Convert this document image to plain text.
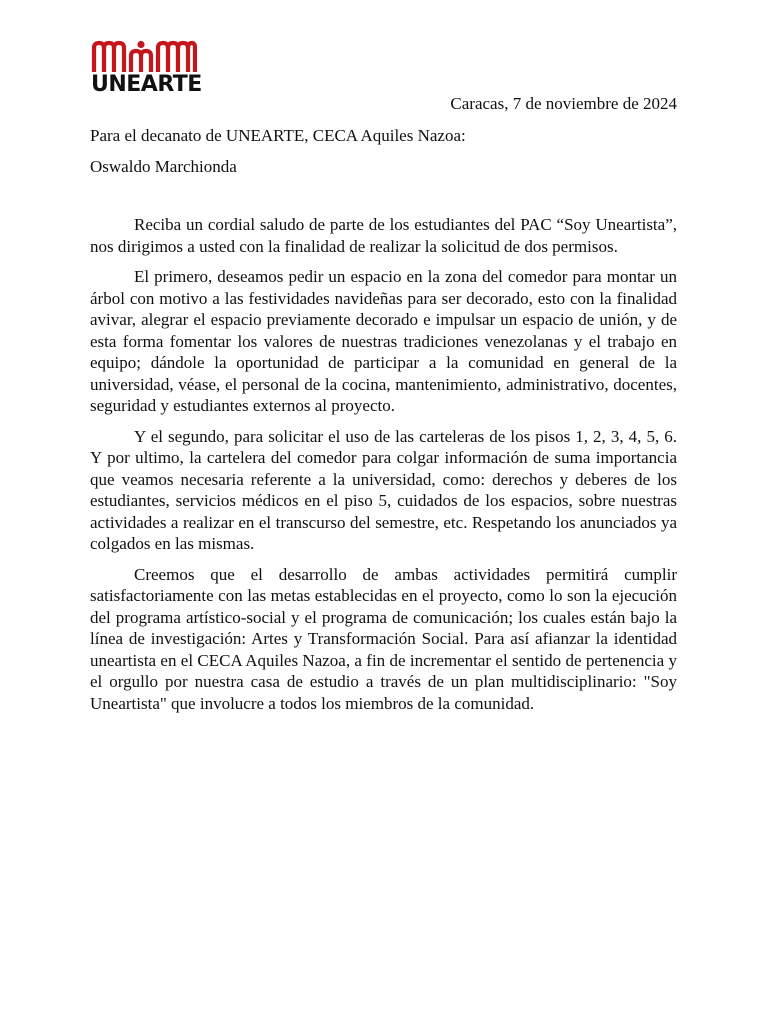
UNEARTE
Caracas, 7 de noviembre de 2024
Para el decanato de UNEARTE, CECA Aquiles Nazoa:
Oswaldo Marchionda

Reciba un cordial saludo de parte de los estudiantes del PAC “Soy Uneartista”, nos dirigimos a usted con la finalidad de realizar la solicitud de dos permisos.

El primero, deseamos pedir un espacio en la zona del comedor para montar un árbol con motivo a las festividades navideñas para ser decorado, esto con la finalidad avivar, alegrar el espacio previamente decorado e impulsar un espacio de unión, y de esta forma fomentar los valores de nuestras tradiciones venezolanas y el trabajo en equipo; dándole la oportunidad de participar a la comunidad en general de la universidad, véase, el personal de la cocina, mantenimiento, administrativo, docentes, seguridad y estudiantes externos al proyecto.

Y el segundo, para solicitar el uso de las carteleras de los pisos 1, 2, 3, 4, 5, 6. Y por ultimo, la cartelera del comedor para colgar información de suma importancia que veamos necesaria referente a la universidad, como: derechos y deberes de los estudiantes, servicios médicos en el piso 5, cuidados de los espacios, sobre nuestras actividades a realizar en el transcurso del semestre, etc. Respetando los anunciados ya colgados en las mismas.

Creemos que el desarrollo de ambas actividades permitirá cumplir satisfactoriamente con las metas establecidas en el proyecto, como lo son la ejecución del programa artístico-social y el programa de comunicación; los cuales están bajo la línea de investigación: Artes y Transformación Social. Para así afianzar la identidad uneartista en el CECA Aquiles Nazoa, a fin de incrementar el sentido de pertenencia y el orgullo por nuestra casa de estudio a través de un plan multidisciplinario: "Soy Uneartista" que involucre a todos los miembros de la comunidad.
